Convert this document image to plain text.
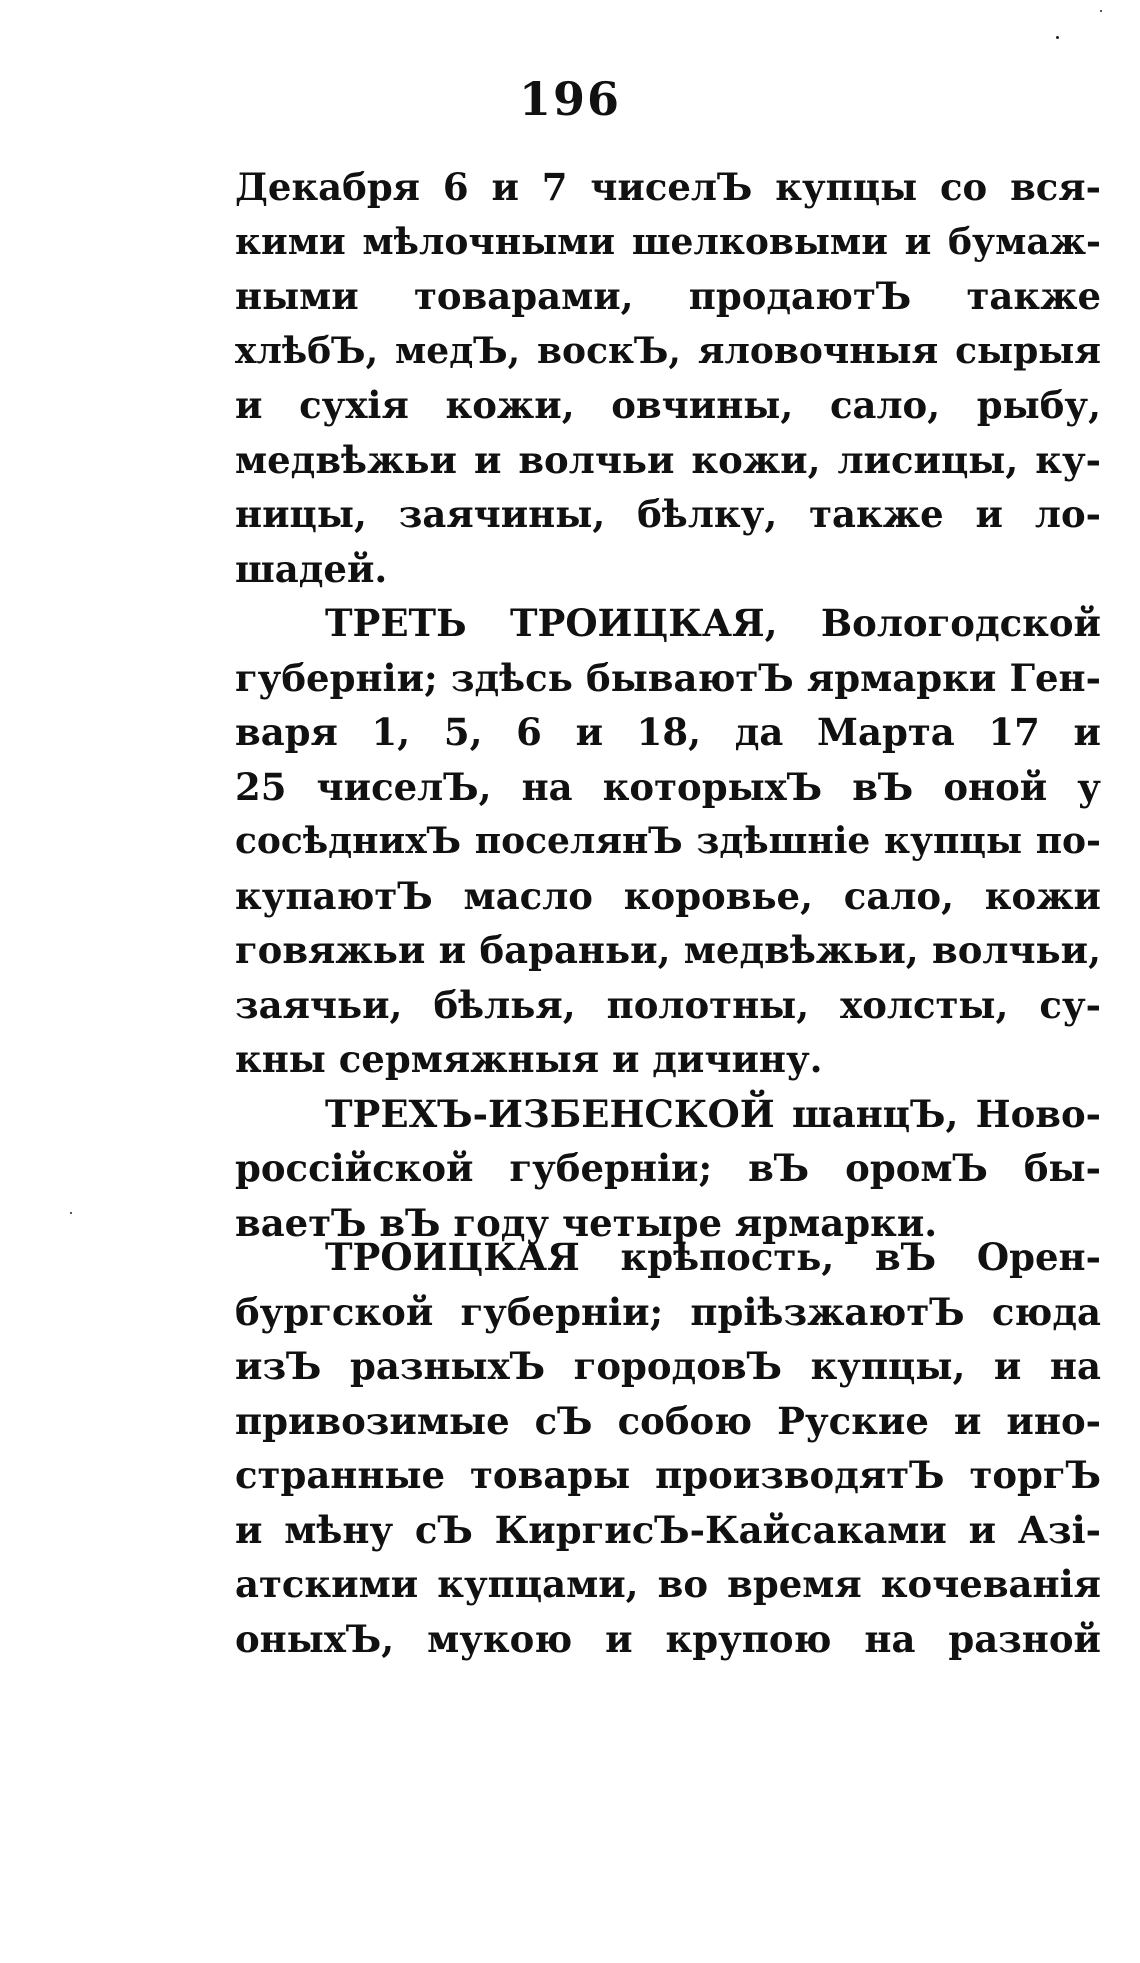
196
Декабря 6 и 7 чиселЪ купцы со вся-
кими мѣлочными шелковыми и бумаж-
ными товарами, продаютЪ также
хлѣбЪ, медЪ, воскЪ, яловочныя сырыя
и сухія кожи, овчины, сало, рыбу,
медвѣжьи и волчьи кожи, лисицы, ку-
ницы, заячины, бѣлку, также и ло-
шадей.
ТРЕТЬ ТРОИЦКАЯ, Вологодской
губерніи; здѣсь бываютЪ ярмарки Ген-
варя 1, 5, 6 и 18, да Марта 17 и
25 чиселЪ, на которыхЪ вЪ оной у
сосѣднихЪ поселянЪ здѣшніе купцы по-
купаютЪ масло коровье, сало, кожи
говяжьи и бараньи, медвѣжьи, волчьи,
заячьи, бѣлья, полотны, холсты, су-
кны сермяжныя и дичину.
ТРЕХЪ-ИЗБЕНСКОЙ шанцЪ, Ново-
россійской губерніи; вЪ оромЪ бы-
ваетЪ вЪ году четыре ярмарки.
ТРОИЦКАЯ крѣпость, вЪ Орен-
бургской губерніи; пріѣзжаютЪ сюда
изЪ разныхЪ городовЪ купцы, и на
привозимые сЪ собою Руские и ино-
странные товары производятЪ торгЪ
и мѣну сЪ КиргисЪ-Кайсаками и Азі-
атскими купцами, во время кочеванія
оныхЪ, мукою и крупою на разной
